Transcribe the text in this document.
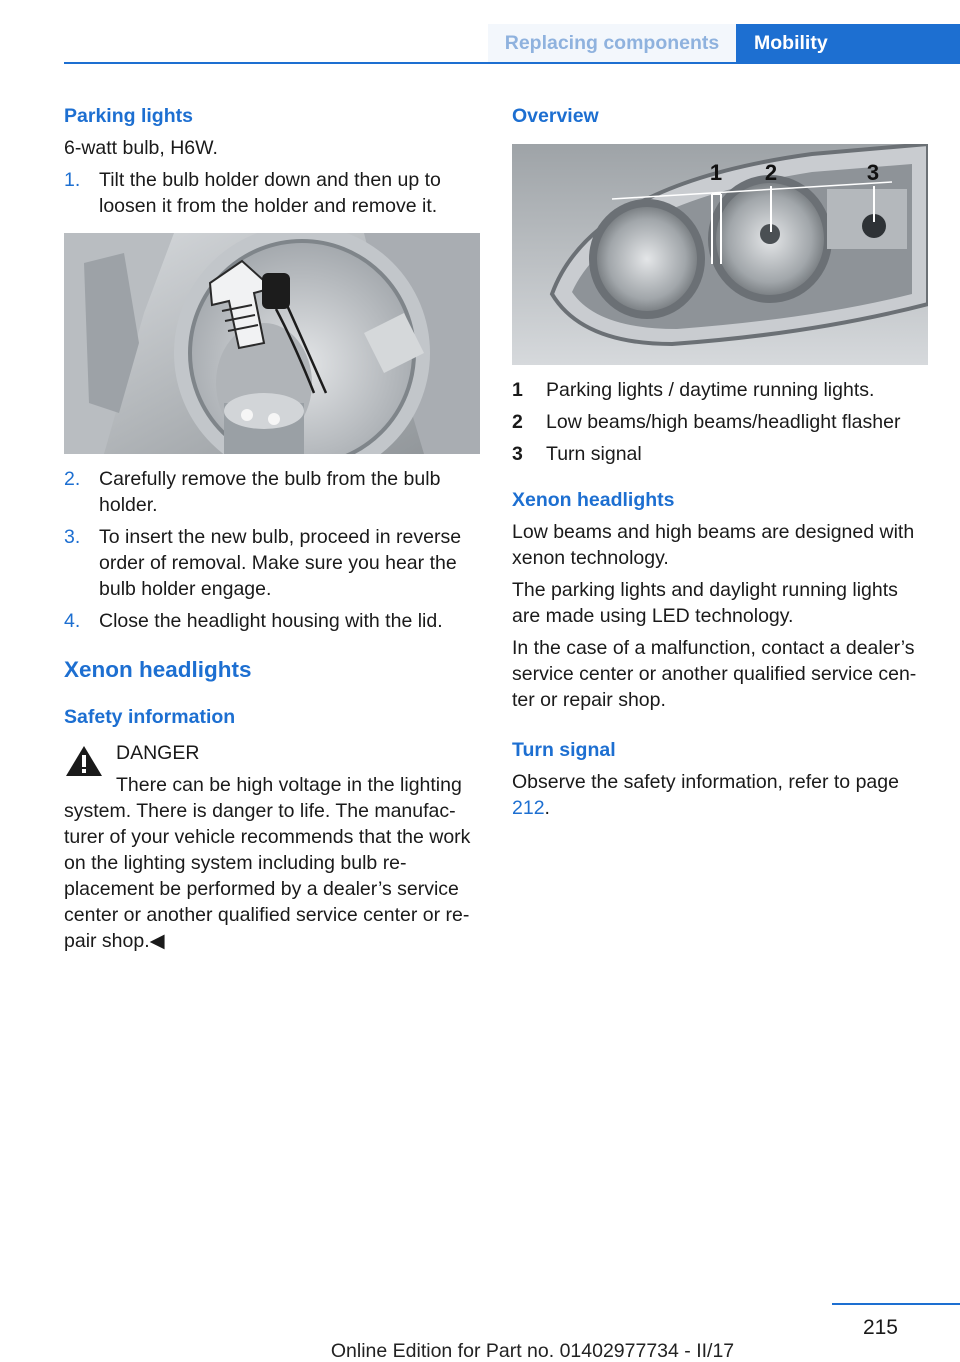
Replacing components	Mobility
Parking lights

6-watt bulb, H6W.

1. Tilt the bulb holder down and then up to loosen it from the holder and remove it.
2. Carefully remove the bulb from the bulb holder.
3. To insert the new bulb, proceed in reverse order of removal. Make sure you hear the bulb holder engage.
4. Close the headlight housing with the lid.
Xenon headlights
Safety information
DANGER
There can be high voltage in the lighting system. There is danger to life. The manufacturer of your vehicle recommends that the work on the lighting system including bulb replacement be performed by a dealer’s service center or another qualified service center or repair shop.◀
Overview
1 2	3
1 Parking lights / daytime running lights.
2 Low beams/high beams/headlight flasher
3 Turn signal
Xenon headlights

Low beams and high beams are designed with xenon technology.

The parking lights and daylight running lights are made using LED technology.

In the case of a malfunction, contact a dealer’s service center or another qualified service center or repair shop.

Turn signal

Observe the safety information, refer to page 212.

215
Online Edition for Part no. 01402977734 - II/17
